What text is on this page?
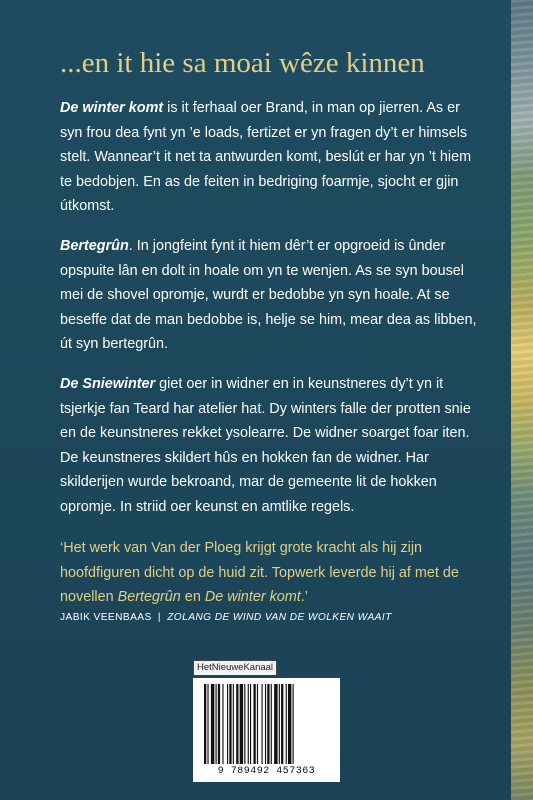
...en it hie sa moai wêze kinnen

De winter komt is it ferhaal oer Brand, in man op jierren. As er syn frou dea fynt yn ’e loads, fertizet er yn fragen dy’t er himsels stelt. Wannear’t it net ta antwurden komt, beslút er har yn ’t hiem te bedobjen. En as de feiten in bedriging foarmje, sjocht er gjin útkomst.

Bertegrûn. In jongfeint fynt it hiem dêr’t er opgroeid is ûnder opspuite lân en dolt in hoale om yn te wenjen. As se syn bousel mei de shovel opromje, wurdt er bedobbe yn syn hoale. At se beseffe dat de man bedobbe is, helje se him, mear dea as libben, út syn bertegrûn.

De Sniewinter giet oer in widner en in keunstneres dy’t yn it tsjerkje fan Teard har atelier hat. Dy winters falle der protten snie en de keunstneres rekket ysolearre. De widner soarget foar iten. De keunstneres skildert hûs en hokken fan de widner. Har skilderijen wurde bekroand, mar de gemeente lit de hokken opromje. In striid oer keunst en amtlike regels.

‘Het werk van Van der Ploeg krijgt grote kracht als hij zijn hoofdfiguren dicht op de huid zit. Topwerk leverde hij af met de novellen Bertegrûn en De winter komt.’

JABIK VEENBAAS | ZOLANG DE WIND VAN DE WOLKEN WAAIT

HetNieuweKanaal
9 789492 457363
